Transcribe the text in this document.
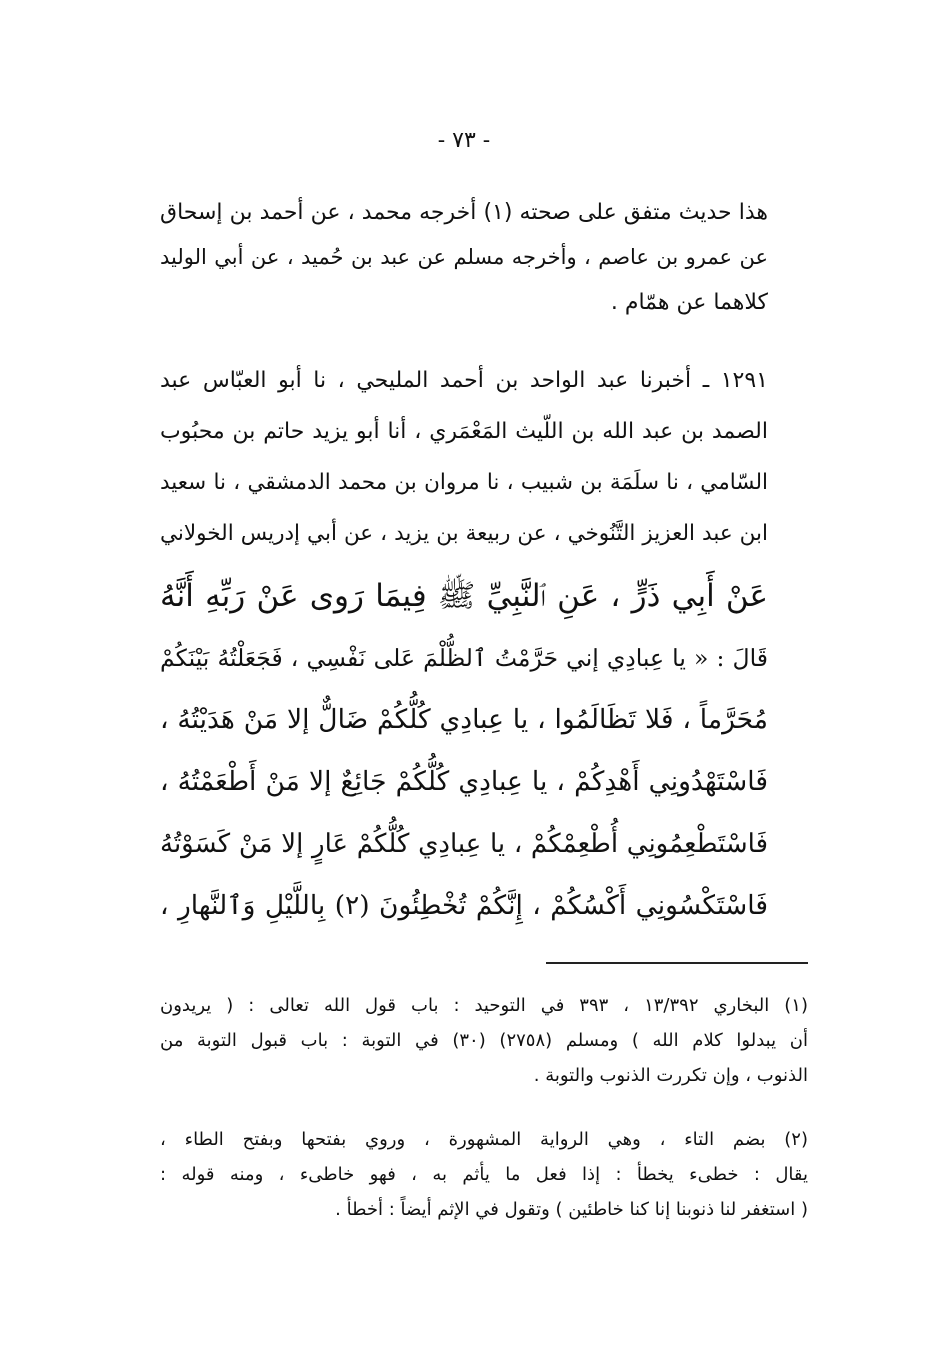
- ٧٣ -
هذا حديث متفق على صحته (١) أخرجه محمد ، عن أحمد بن إسحاق
عن عمرو بن عاصم ، وأخرجه مسلم عن عبد بن حُميد ، عن أبي الوليد
كلاهما عن همّام .
١٢٩١ ـ أخبرنا عبد الواحد بن أحمد المليحي ، نا أبو العبّاس عبد
الصمد بن عبد الله بن اللّيث المَعْمَري ، أنا أبو يزيد حاتم بن محبُوب
السّامي ، نا سلَمَة بن شبيب ، نا مروان بن محمد الدمشقي ، نا سعيد
ابن عبد العزيز التَّنُوخي ، عن ربيعة بن يزيد ، عن أبي إدريس الخولاني
عَنْ أَبِي ذَرٍّ ، عَنِ ٱلنَّبِيِّ ﷺ فِيمَا رَوى عَنْ رَبِّهِ أَنَّهُ
قَالَ : « يا عِبادِي إني حَرَّمْتُ ٱلظُّلْمَ عَلى نَفْسِي ، فَجَعَلْتُهُ بَيْنَكُمْ
مُحَرَّماً ، فَلا تَظَالَمُوا ، يا عِبادِي كُلُّكُمْ ضَالٌّ إلا مَنْ هَدَيْتُهُ ،
فَاسْتَهْدُونِي أَهْدِكُمْ ، يا عِبادِي كُلُّكُمْ جَائِعٌ إلا مَنْ أَطْعَمْتُهُ ،
فَاسْتَطْعِمُونِي أُطْعِمْكُمْ ، يا عِبادِي كُلُّكُمْ عَارٍ إلا مَنْ كَسَوْتُهُ
فَاسْتَكْسُونِي أَكْسُكُمْ ، إِنَّكُمْ تُخْطِئُونَ (٢) بِاللَّيْلِ وَٱلنَّهارِ ،
(١) البخاري ١٣/٣٩٢ ، ٣٩٣ في التوحيد : باب قول الله تعالى : ( يريدون
أن يبدلوا كلام الله ) ومسلم (٢٧٥٨) (٣٠) في التوبة : باب قبول التوبة من
الذنوب ، وإن تكررت الذنوب والتوبة .
(٢) بضم التاء ، وهي الرواية المشهورة ، وروي بفتحها وبفتح الطاء ،
يقال : خطىء يخطأ : إذا فعل ما يأثم به ، فهو خاطىء ، ومنه قوله :
( استغفر لنا ذنوبنا إنا كنا خاطئين ) وتقول في الإثم أيضاً : أخطأ .
